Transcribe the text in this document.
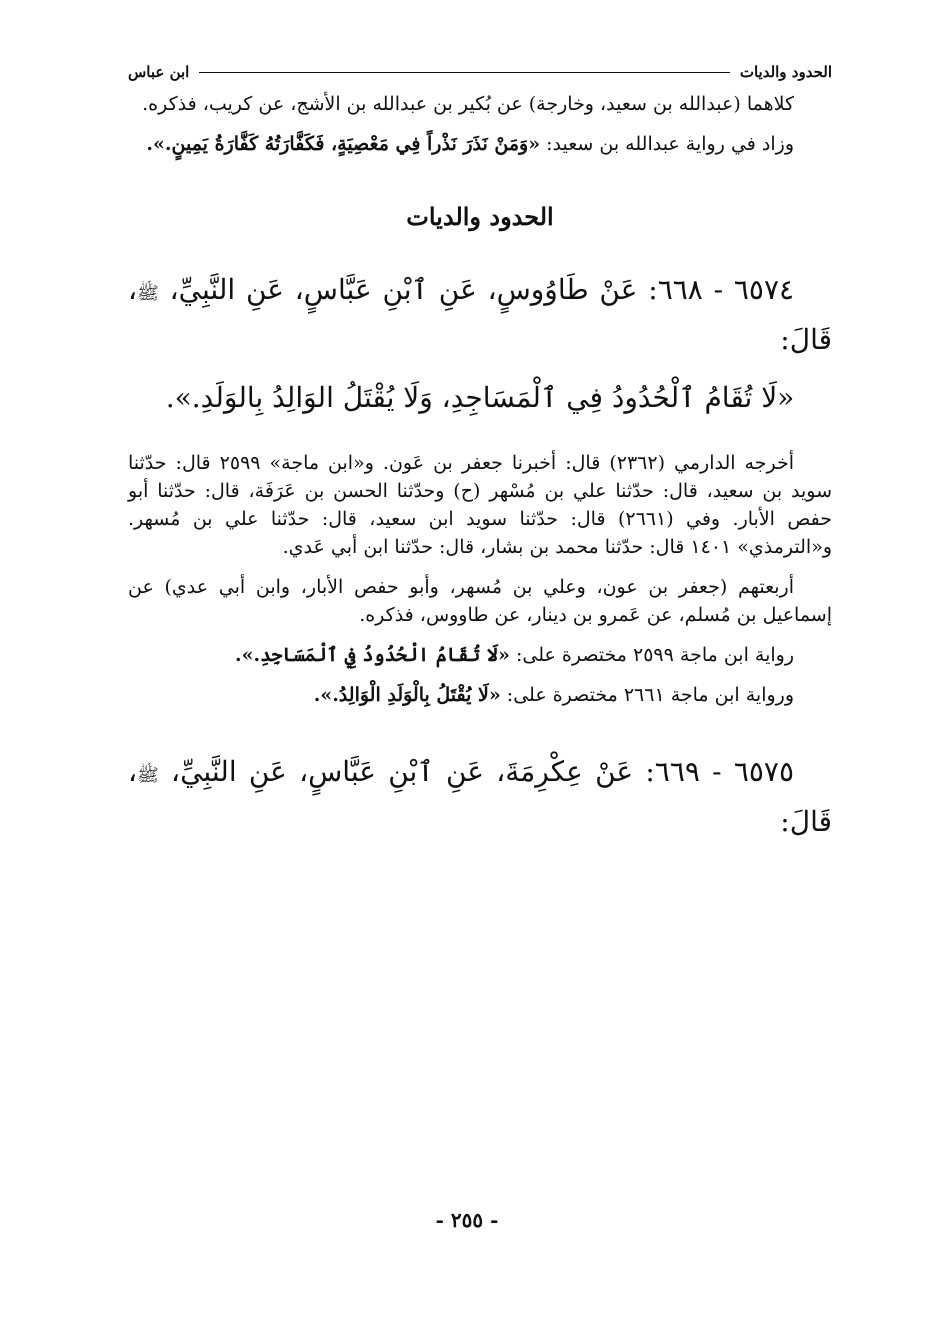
الحدود والديات
ابن عباس

كلاهما (عبدالله بن سعيد، وخارجة) عن بُكير بن عبدالله بن الأشج، عن كريب، فذكره.

وزاد في رواية عبدالله بن سعيد: «وَمَنْ نَذَرَ نَذْراً فِي مَعْصِيَةٍ، فَكَفَّارَتُهُ كَفَّارَةُ يَمِينٍ.».

الحدود والديات

٦٥٧٤ - ٦٦٨: عَنْ طَاوُوسٍ، عَنِ ٱبْنِ عَبَّاسٍ، عَنِ النَّبِيِّ، ﷺ، قَالَ:

«لَا تُقَامُ ٱلْحُدُودُ فِي ٱلْمَسَاجِدِ، وَلَا يُقْتَلُ الوَالِدُ بِالوَلَدِ.».

أخرجه الدارمي (٢٣٦٢) قال: أخبرنا جعفر بن عَون. و«ابن ماجة» ٢٥٩٩ قال: حدّثنا سويد بن سعيد، قال: حدّثنا علي بن مُسْهر (ح) وحدّثنا الحسن بن عَرَفَة، قال: حدّثنا أبو حفص الأبار. وفي (٢٦٦١) قال: حدّثنا سويد ابن سعيد، قال: حدّثنا علي بن مُسهر. و«الترمذي» ١٤٠١ قال: حدّثنا محمد بن بشار، قال: حدّثنا ابن أبي عَدي.

أربعتهم (جعفر بن عون، وعلي بن مُسهر، وأبو حفص الأبار، وابن أبي عدي) عن إسماعيل بن مُسلم، عن عَمرو بن دينار، عن طاووس، فذكره.

رواية ابن ماجة ٢٥٩٩ مختصرة على: «لَا تُقَامُ الْحُدُودُ فِي ٱلْمَسَاجِدِ.».

ورواية ابن ماجة ٢٦٦١ مختصرة على: «لَا يُقْتَلُ بِالْوَلَدِ الْوَالِدُ.».

٦٥٧٥ - ٦٦٩: عَنْ عِكْرِمَةَ، عَنِ ٱبْنِ عَبَّاسٍ، عَنِ النَّبِيِّ، ﷺ، قَالَ:

- ٢٥٥ -
